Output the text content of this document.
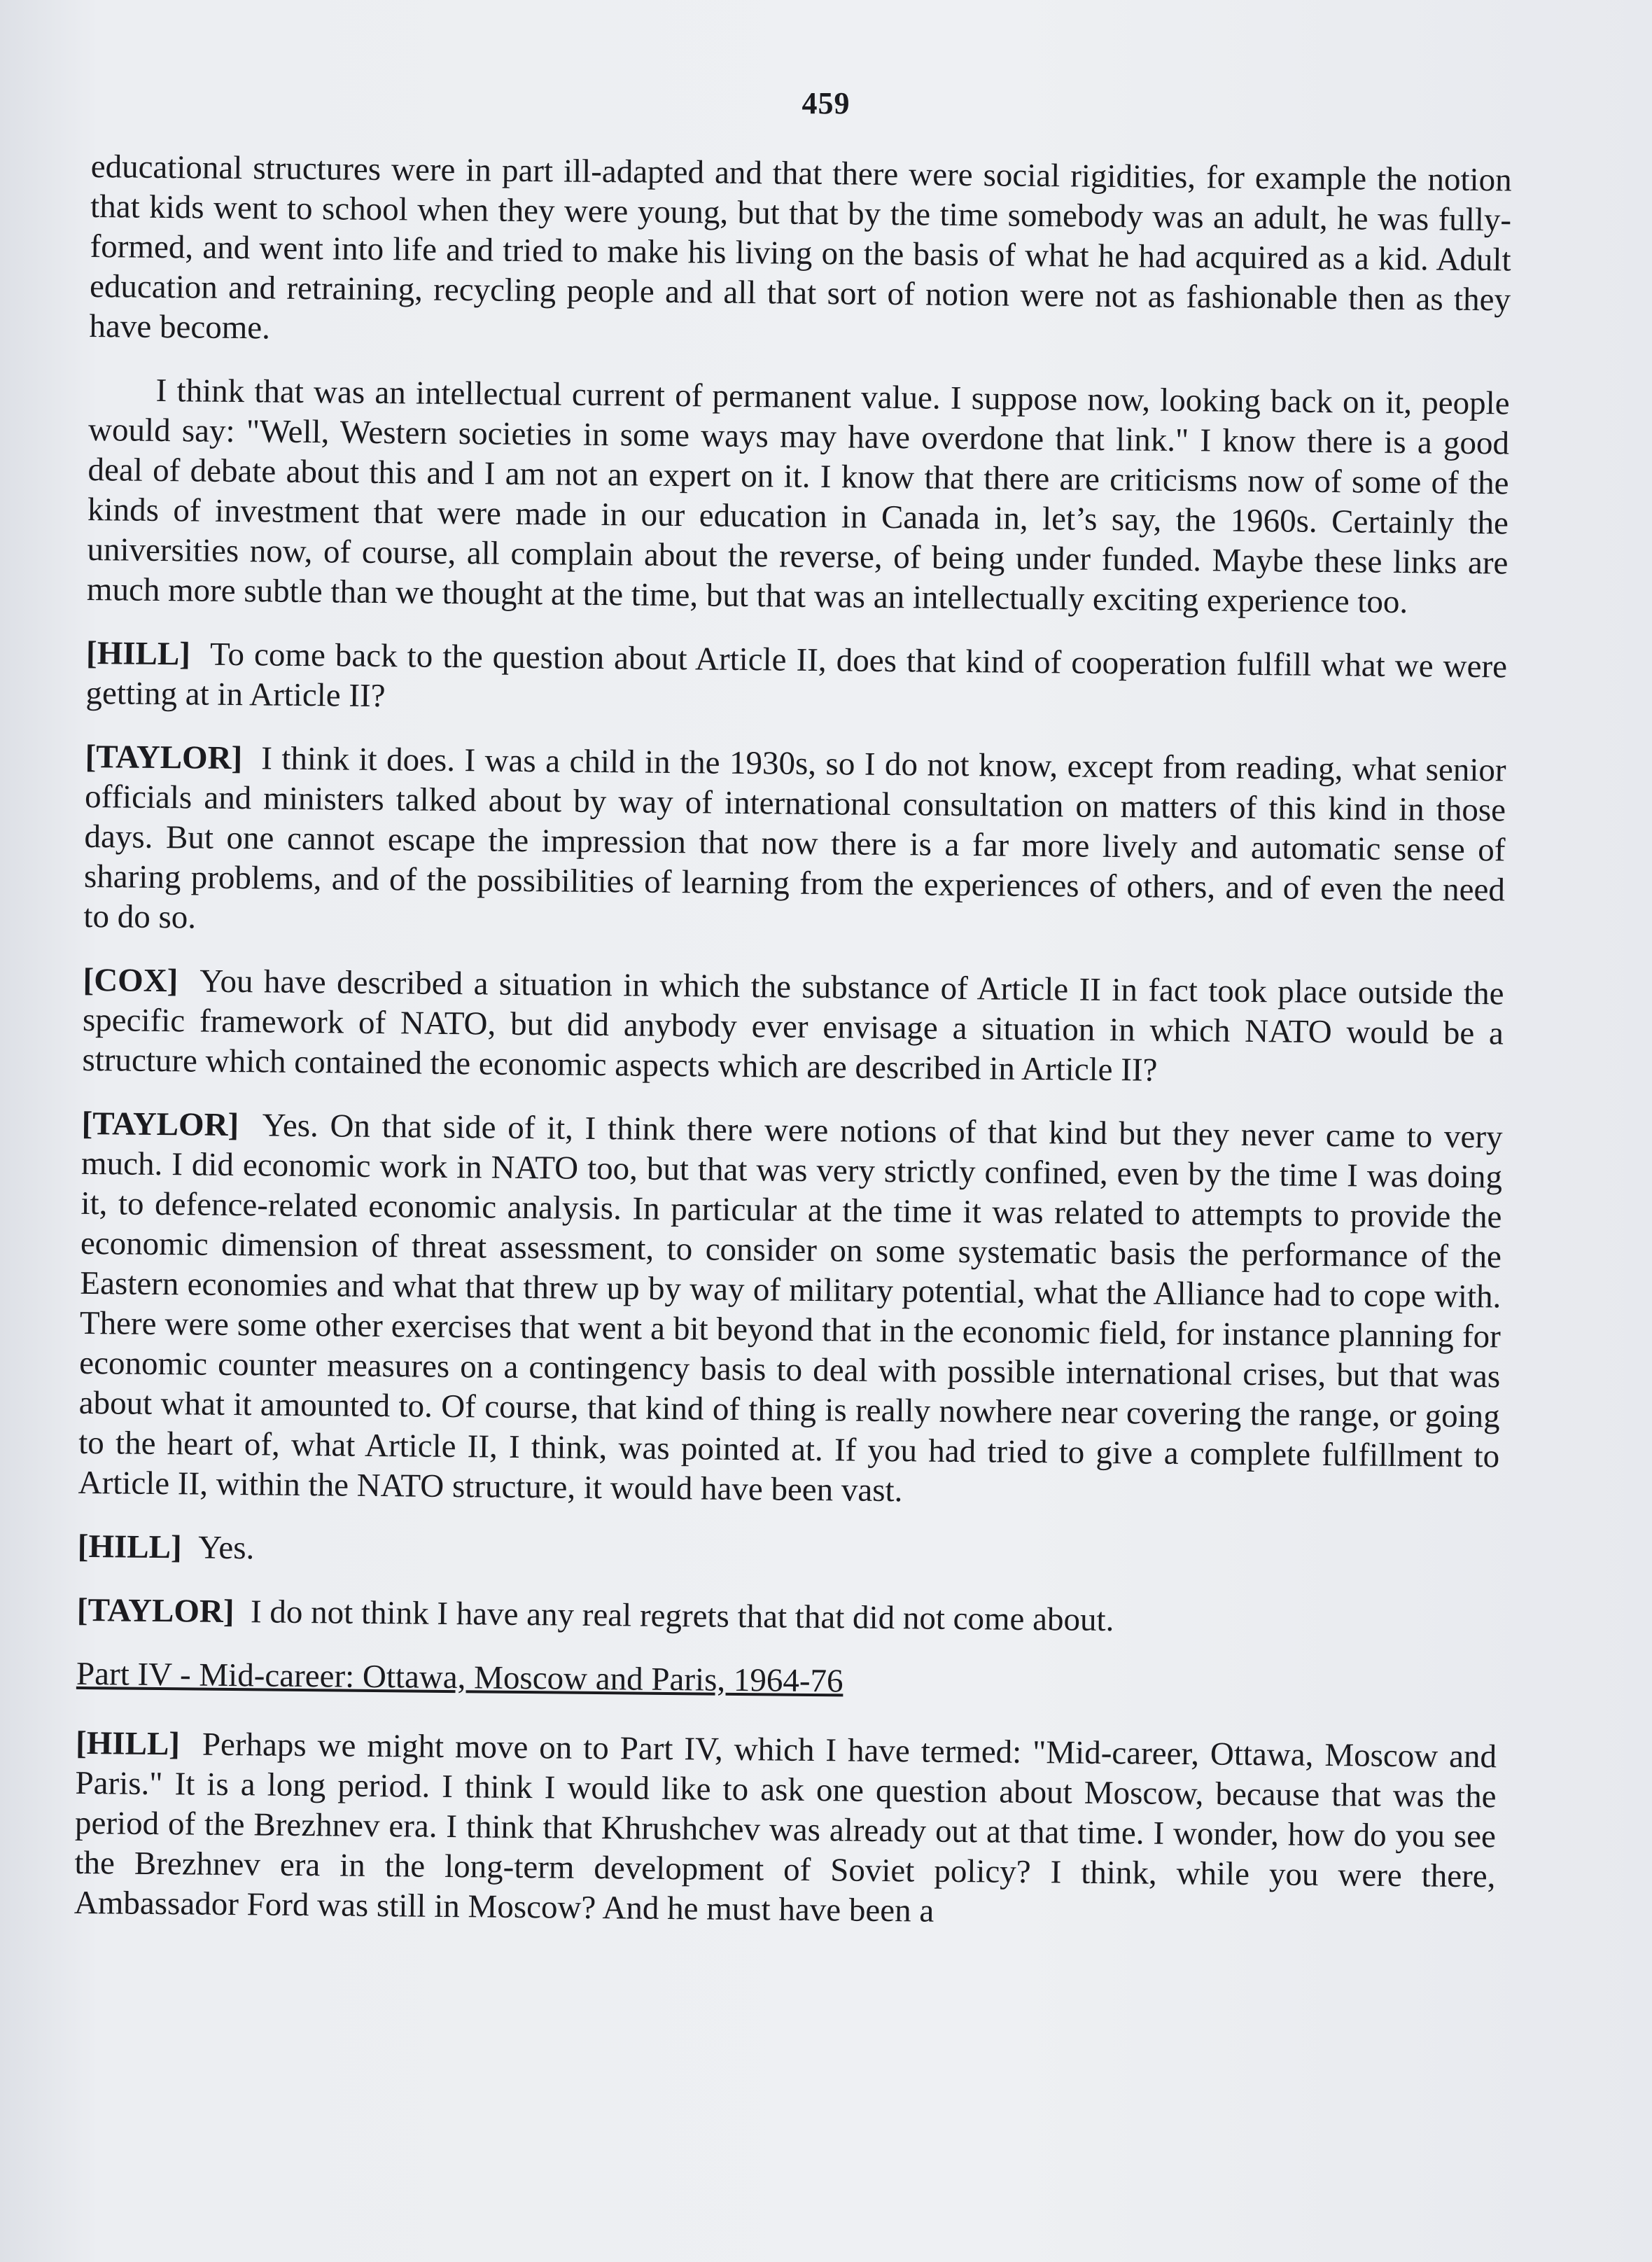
459

educational structures were in part ill-adapted and that there were social rigidities, for example the notion that kids went to school when they were young, but that by the time somebody was an adult, he was fully-formed, and went into life and tried to make his living on the basis of what he had acquired as a kid. Adult education and retraining, recycling people and all that sort of notion were not as fashionable then as they have become.

I think that was an intellectual current of permanent value. I suppose now, looking back on it, people would say: "Well, Western societies in some ways may have overdone that link." I know there is a good deal of debate about this and I am not an expert on it. I know that there are criticisms now of some of the kinds of investment that were made in our education in Canada in, let’s say, the 1960s. Certainly the universities now, of course, all complain about the reverse, of being under funded. Maybe these links are much more subtle than we thought at the time, but that was an intellectually exciting experience too.

[HILL] To come back to the question about Article II, does that kind of cooperation fulfill what we were getting at in Article II?

[TAYLOR] I think it does. I was a child in the 1930s, so I do not know, except from reading, what senior officials and ministers talked about by way of international consultation on matters of this kind in those days. But one cannot escape the impression that now there is a far more lively and automatic sense of sharing problems, and of the possibilities of learning from the experiences of others, and of even the need to do so.

[COX] You have described a situation in which the substance of Article II in fact took place outside the specific framework of NATO, but did anybody ever envisage a situation in which NATO would be a structure which contained the economic aspects which are described in Article II?

[TAYLOR] Yes. On that side of it, I think there were notions of that kind but they never came to very much. I did economic work in NATO too, but that was very strictly confined, even by the time I was doing it, to defence-related economic analysis. In particular at the time it was related to attempts to provide the economic dimension of threat assessment, to consider on some systematic basis the performance of the Eastern economies and what that threw up by way of military potential, what the Alliance had to cope with. There were some other exercises that went a bit beyond that in the economic field, for instance planning for economic counter measures on a contingency basis to deal with possible international crises, but that was about what it amounted to. Of course, that kind of thing is really nowhere near covering the range, or going to the heart of, what Article II, I think, was pointed at. If you had tried to give a complete fulfillment to Article II, within the NATO structure, it would have been vast.

[HILL] Yes.

[TAYLOR] I do not think I have any real regrets that that did not come about.

Part IV - Mid-career: Ottawa, Moscow and Paris, 1964-76

[HILL] Perhaps we might move on to Part IV, which I have termed: "Mid-career, Ottawa, Moscow and Paris." It is a long period. I think I would like to ask one question about Moscow, because that was the period of the Brezhnev era. I think that Khrushchev was already out at that time. I wonder, how do you see the Brezhnev era in the long-term development of Soviet policy? I think, while you were there, Ambassador Ford was still in Moscow? And he must have been a
